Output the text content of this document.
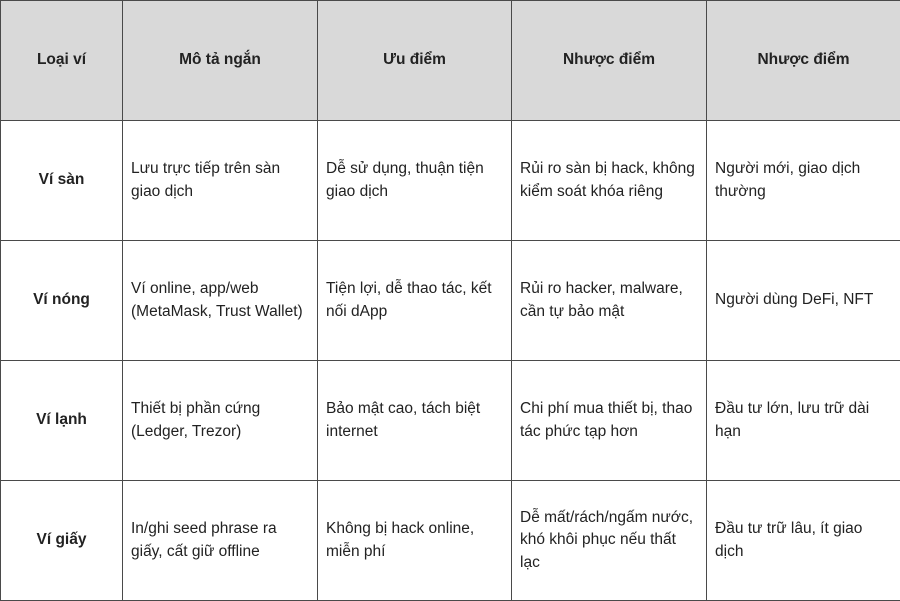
Loại ví	Mô tả ngắn	Ưu điểm	Nhược điểm	Nhược điểm
Ví sàn	Lưu trực tiếp trên sàn giao dịch	Dễ sử dụng, thuận tiện giao dịch	Rủi ro sàn bị hack, không kiểm soát khóa riêng	Người mới, giao dịch thường
Ví nóng	Ví online, app/web (MetaMask, Trust Wallet)	Tiện lợi, dễ thao tác, kết nối dApp	Rủi ro hacker, malware, cần tự bảo mật	Người dùng DeFi, NFT
Ví lạnh	Thiết bị phần cứng (Ledger, Trezor)	Bảo mật cao, tách biệt internet	Chi phí mua thiết bị, thao tác phức tạp hơn	Đầu tư lớn, lưu trữ dài hạn
Ví giấy	In/ghi seed phrase ra giấy, cất giữ offline	Không bị hack online, miễn phí	Dễ mất/rách/ngấm nước, khó khôi phục nếu thất lạc	Đầu tư trữ lâu, ít giao dịch
